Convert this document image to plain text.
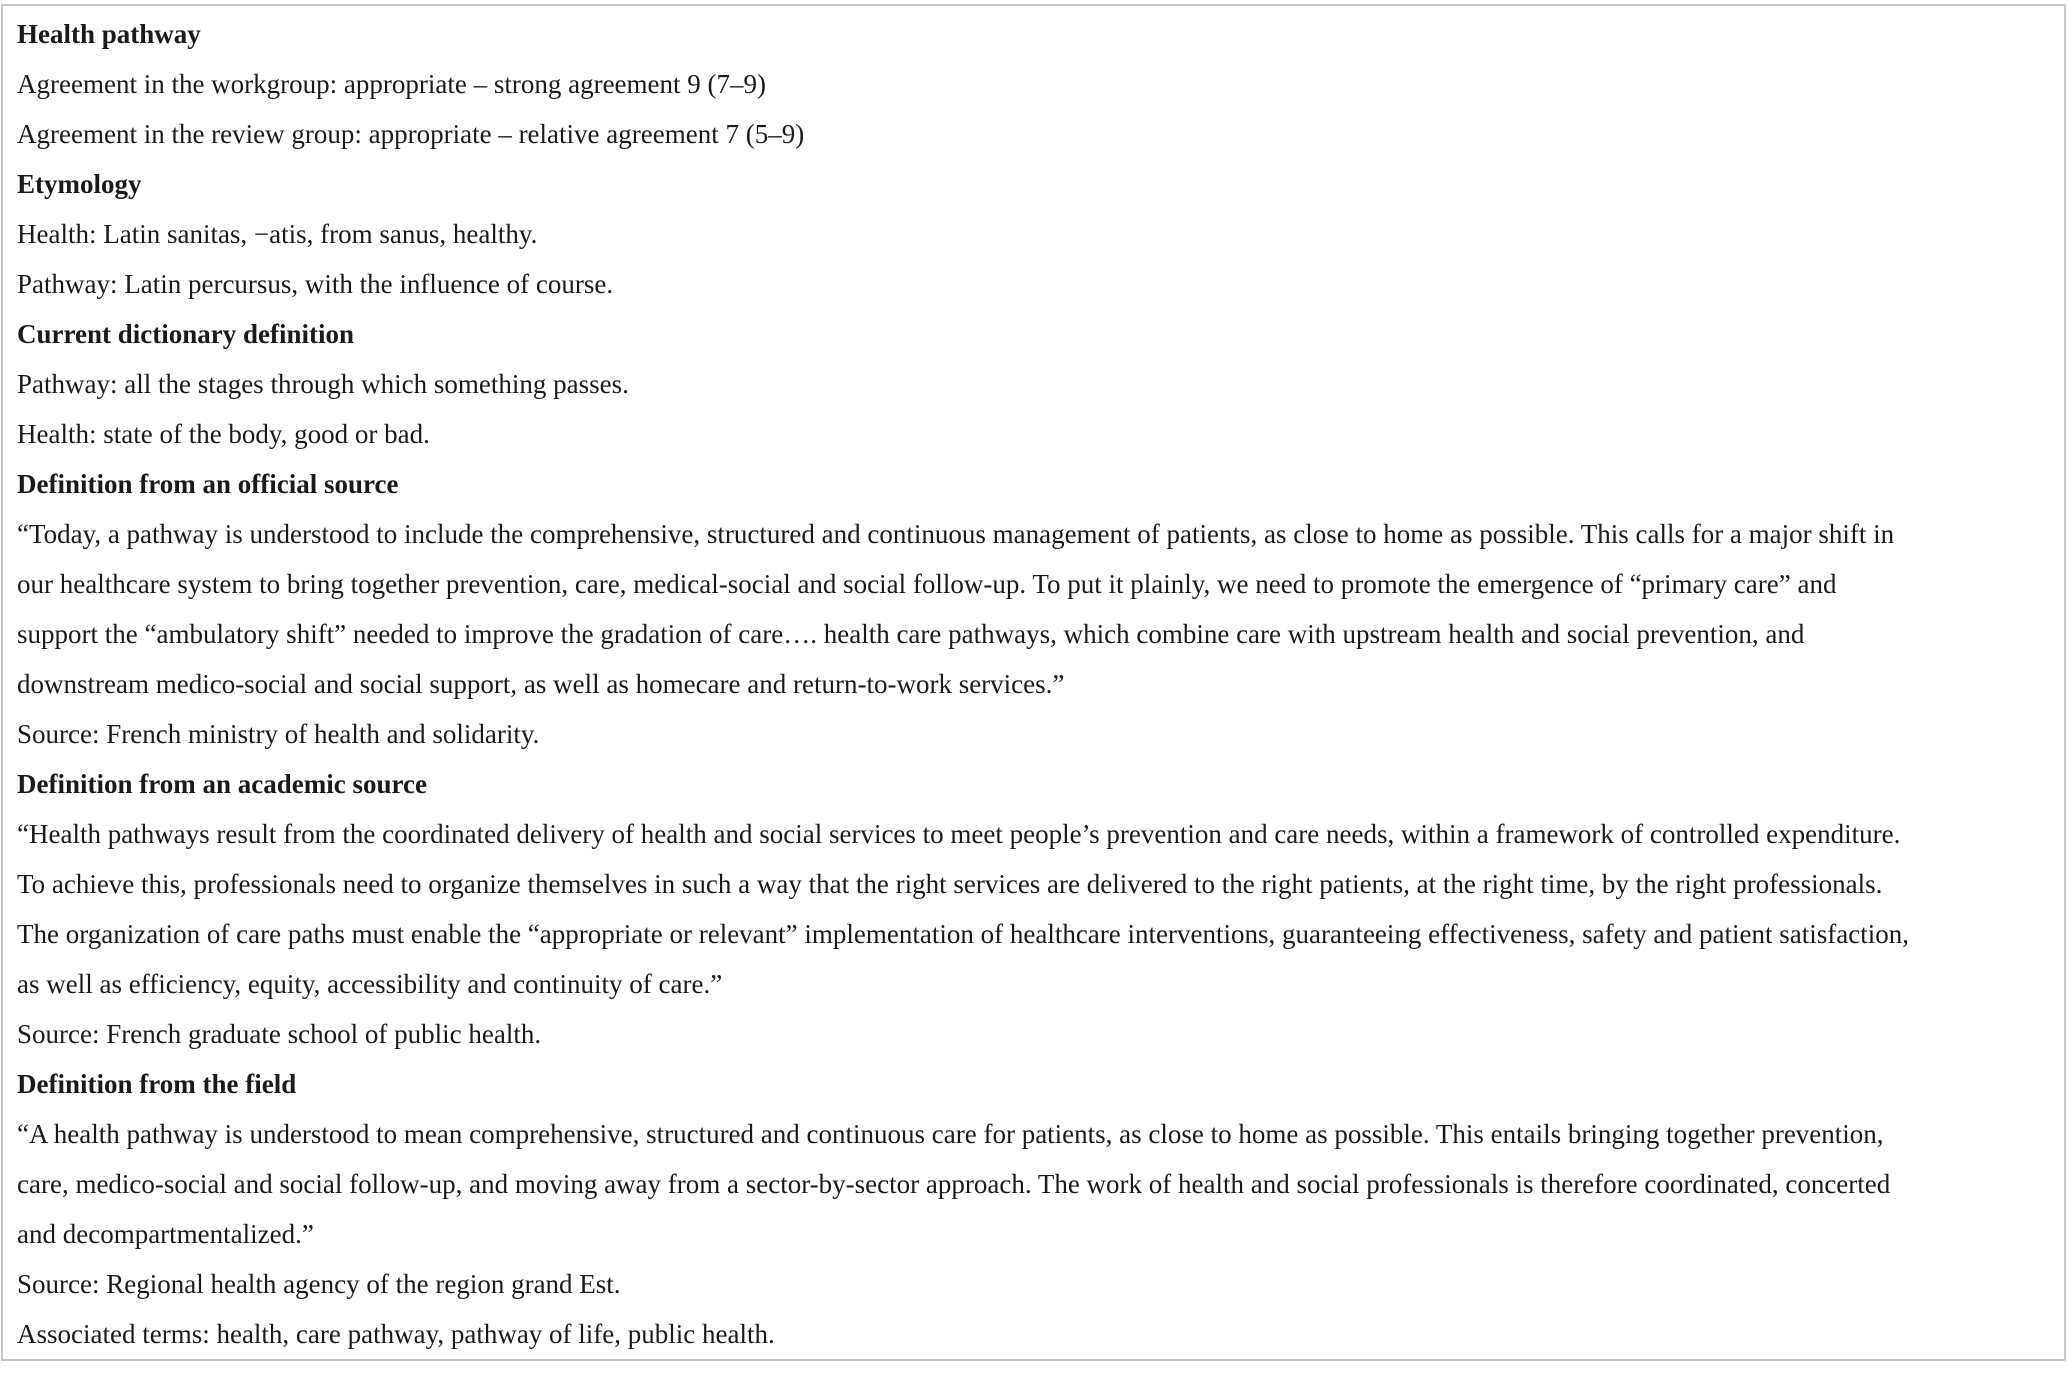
Health pathway
Agreement in the workgroup: appropriate – strong agreement 9 (7–9)
Agreement in the review group: appropriate – relative agreement 7 (5–9)
Etymology
Health: Latin sanitas, −atis, from sanus, healthy.
Pathway: Latin percursus, with the influence of course.
Current dictionary definition
Pathway: all the stages through which something passes.
Health: state of the body, good or bad.
Definition from an official source
“Today, a pathway is understood to include the comprehensive, structured and continuous management of patients, as close to home as possible. This calls for a major shift in
our healthcare system to bring together prevention, care, medical-social and social follow-up. To put it plainly, we need to promote the emergence of “primary care” and
support the “ambulatory shift” needed to improve the gradation of care…. health care pathways, which combine care with upstream health and social prevention, and
downstream medico-social and social support, as well as homecare and return-to-work services.”
Source: French ministry of health and solidarity.
Definition from an academic source
“Health pathways result from the coordinated delivery of health and social services to meet people’s prevention and care needs, within a framework of controlled expenditure.
To achieve this, professionals need to organize themselves in such a way that the right services are delivered to the right patients, at the right time, by the right professionals.
The organization of care paths must enable the “appropriate or relevant” implementation of healthcare interventions, guaranteeing effectiveness, safety and patient satisfaction,
as well as efficiency, equity, accessibility and continuity of care.”
Source: French graduate school of public health.
Definition from the field
“A health pathway is understood to mean comprehensive, structured and continuous care for patients, as close to home as possible. This entails bringing together prevention,
care, medico-social and social follow-up, and moving away from a sector-by-sector approach. The work of health and social professionals is therefore coordinated, concerted
and decompartmentalized.”
Source: Regional health agency of the region grand Est.
Associated terms: health, care pathway, pathway of life, public health.
